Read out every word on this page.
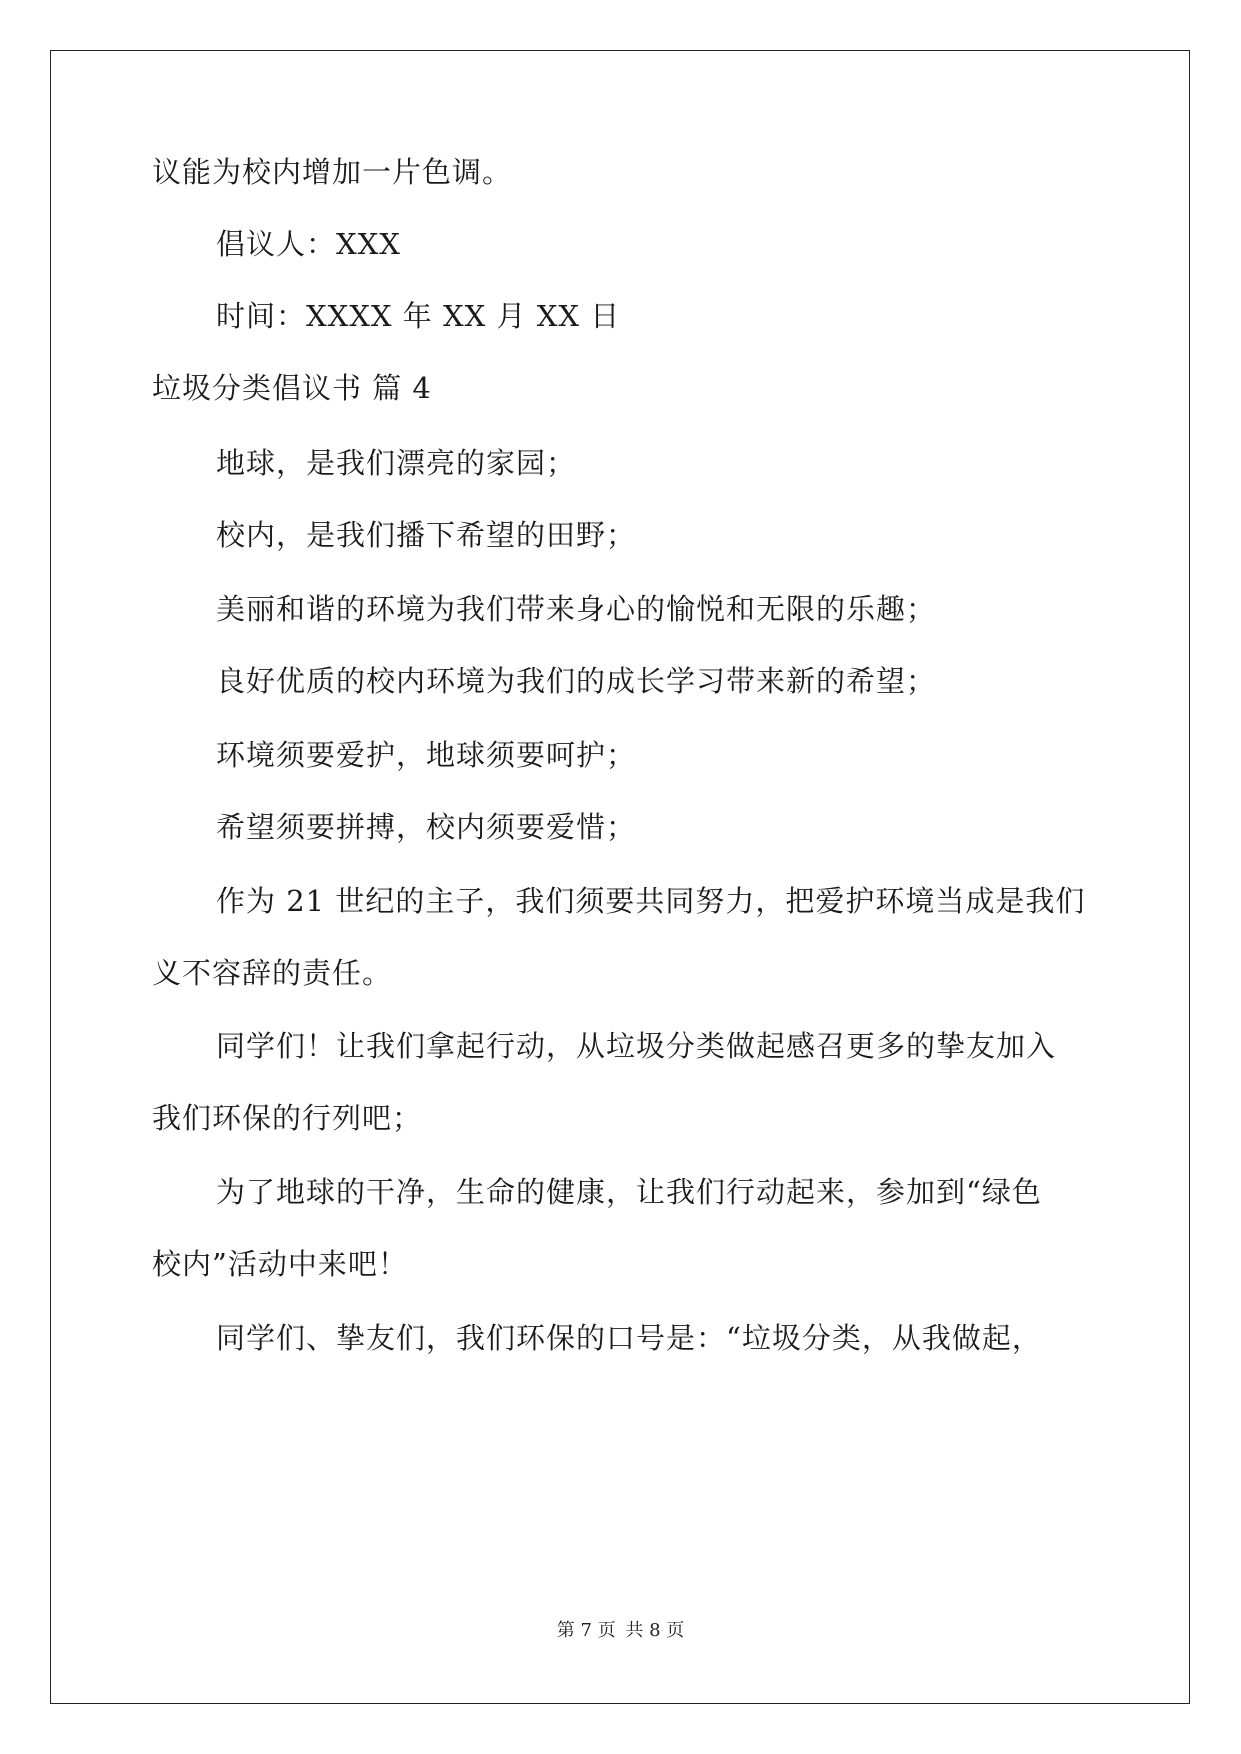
议能为校内增加一片色调。
倡议人：XXX
时间：XXXX 年 XX 月 XX 日
垃圾分类倡议书 篇 4
地球，是我们漂亮的家园；
校内，是我们播下希望的田野；
美丽和谐的环境为我们带来身心的愉悦和无限的乐趣；
良好优质的校内环境为我们的成长学习带来新的希望；
环境须要爱护，地球须要呵护；
希望须要拼搏，校内须要爱惜；
作为 21 世纪的主子，我们须要共同努力，把爱护环境当成是我们
义不容辞的责任。
同学们！让我们拿起行动，从垃圾分类做起感召更多的挚友加入
我们环保的行列吧；
为了地球的干净，生命的健康，让我们行动起来，参加到“绿色
校内”活动中来吧！
同学们、挚友们，我们环保的口号是：“垃圾分类，从我做起，
第 7 页 共 8 页
